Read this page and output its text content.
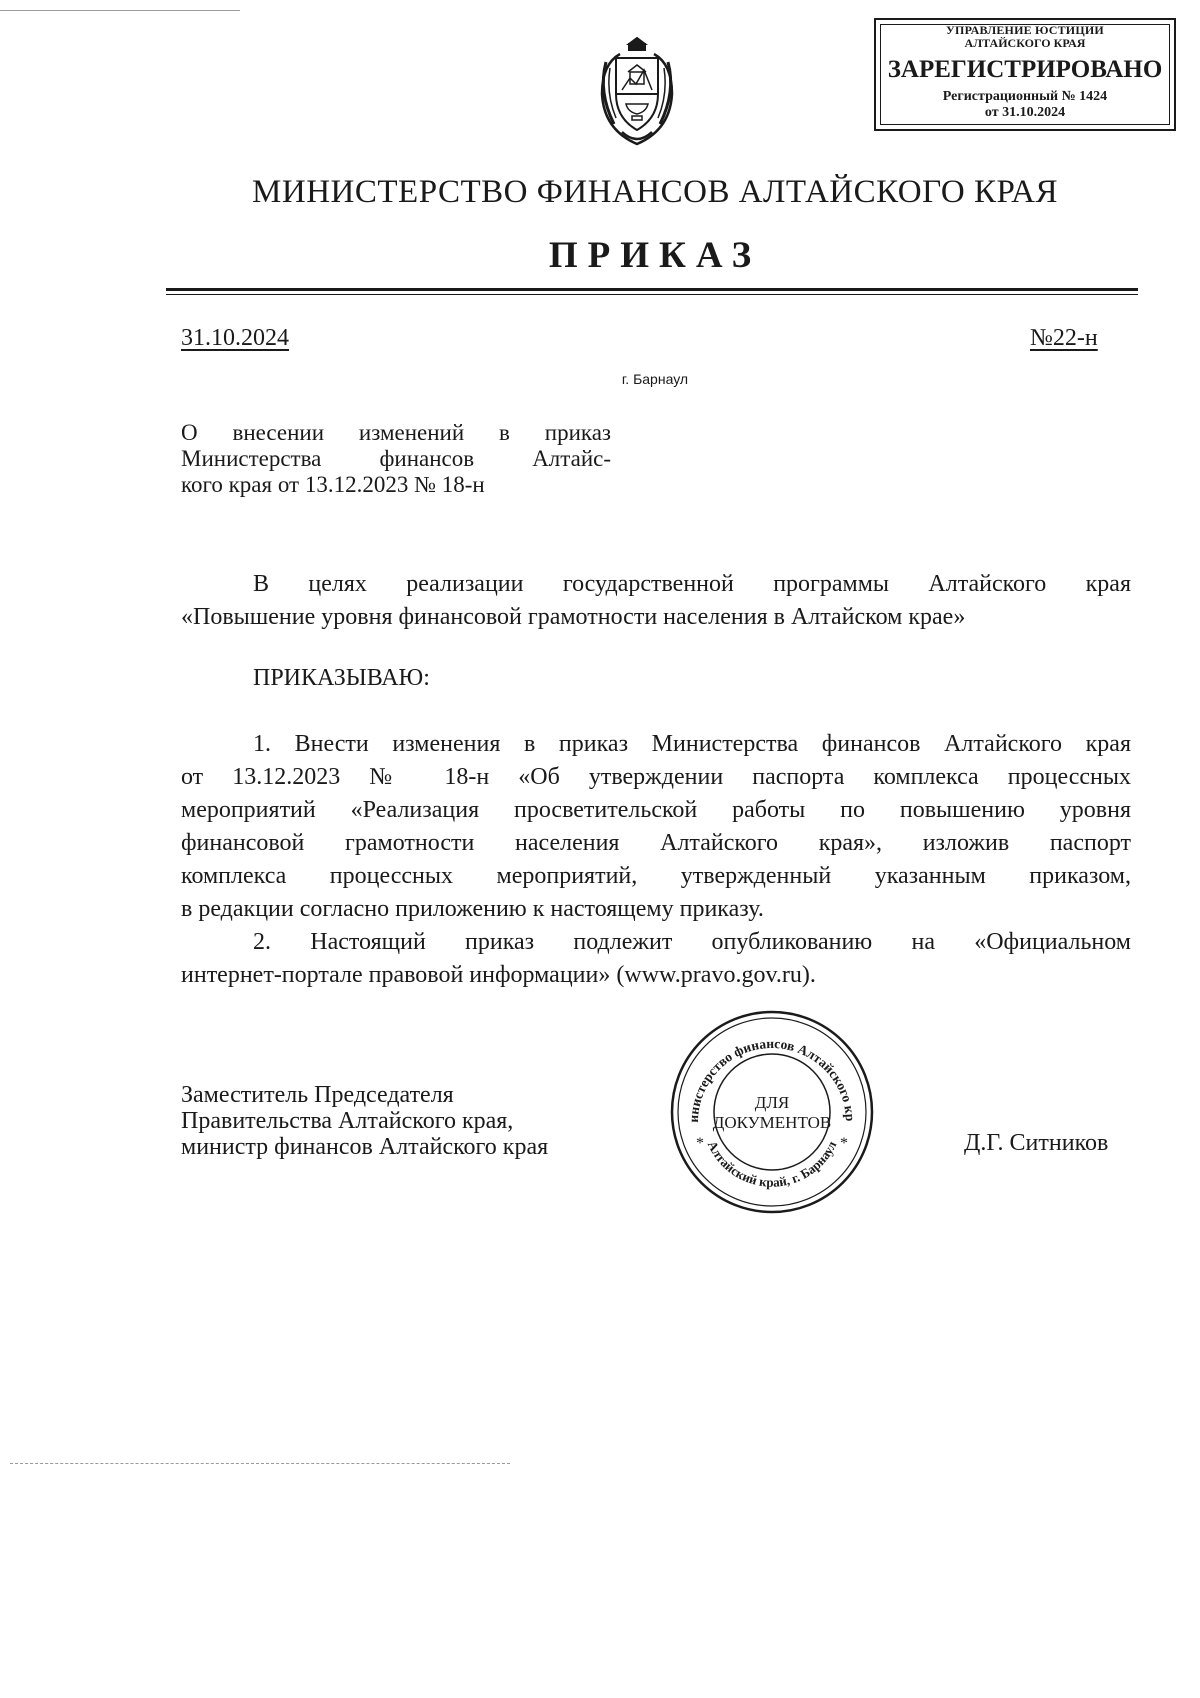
УПРАВЛЕНИЕ ЮСТИЦИИ
АЛТАЙСКОГО КРАЯ
ЗАРЕГИСТРИРОВАНО
Регистрационный № 1424
от 31.10.2024
МИНИСТЕРСТВО ФИНАНСОВ АЛТАЙСКОГО КРАЯ
ПРИКАЗ
31.10.2024	№22-н
г. Барнаул
О внесении изменений в приказ
Министерства финансов Алтайс-
кого края от 13.12.2023 № 18-н
В целях реализации государственной программы Алтайского края
«Повышение уровня финансовой грамотности населения в Алтайском крае»
ПРИКАЗЫВАЮ:
1. Внести изменения в приказ Министерства финансов Алтайского края
от 13.12.2023 № 18-н «Об утверждении паспорта комплекса процессных
мероприятий «Реализация просветительской работы по повышению уровня
финансовой грамотности населения Алтайского края», изложив паспорт
комплекса процессных мероприятий, утвержденный указанным приказом,
в редакции согласно приложению к настоящему приказу.
2. Настоящий приказ подлежит опубликованию на «Официальном
интернет-портале правовой информации» (www.pravo.gov.ru).
Заместитель Председателя
Правительства Алтайского края,
министр финансов Алтайского края	Д.Г. Ситников
инистерство финансов Алтайского кр
Алтайский край, г. Барнаул
*	*
ДЛЯ
ДОКУМЕНТОВ
